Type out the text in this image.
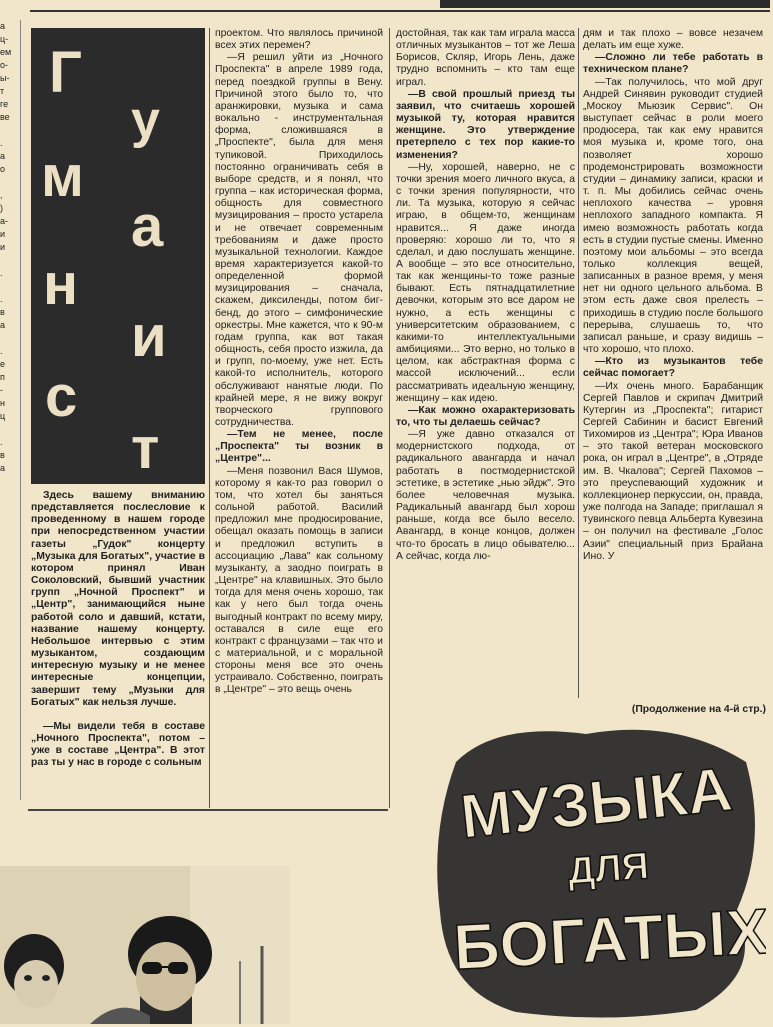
а
ц-
ем
о-
ы-
т
ге
ве

.
а
о

,
)
а-
и
и

.

.
в
а

.
е
п
-
н
ц

.
в
а
Г
у
м
а
н
и
с
т

Здесь вашему вниманию представляется послесловие к проведенному в нашем городе при непосредственном участии газеты „Гудок" концерту „Музыка для Богатых", участие в котором принял Иван Соколовский, бывший участник групп „Ночной Проспект" и „Центр", занимающийся ныне работой соло и давший, кстати, название нашему концерту. Небольшое интервью с этим музыкантом, создающим интересную музыку и не менее интересные концепции, завершит тему „Музыки для Богатых" как нельзя лучше.

—Мы видели тебя в составе „Ночного Проспекта", потом – уже в составе „Центра". В этот раз ты у нас в городе с сольным

проектом. Что являлось причиной всех этих перемен?

—Я решил уйти из „Ночного Проспекта" в апреле 1989 года, перед поездкой группы в Вену. Причиной этого было то, что аранжировки, музыка и сама вокально - инструментальная форма, сложившаяся в „Проспекте", была для меня тупиковой. Приходилось постоянно ограничивать себя в выборе средств, и я понял, что группа – как историческая форма, общность для совместного музицирования – просто устарела и не отвечает современным требованиям и даже просто музыкальной технологии. Каждое время характеризуется какой-то определенной формой музицирования – сначала, скажем, диксиленды, потом биг-бенд, до этого – симфонические оркестры. Мне кажется, что к 90-м годам группа, как вот такая общность, себя просто изжила, да и групп, по-моему, уже нет. Есть какой-то исполнитель, которого обслуживают нанятые люди. По крайней мере, я не вижу вокруг творческого группового сотрудничества.

—Тем не менее, после „Проспекта" ты возник в „Центре"...

—Меня позвонил Вася Шумов, которому я как-то раз говорил о том, что хотел бы заняться сольной работой. Василий предложил мне продюсирование, обещал оказать помощь в записи и предложил вступить в ассоциацию „Лава" как сольному музыканту, а заодно поиграть в „Центре" на клавишных. Это было тогда для меня очень хорошо, так как у него был тогда очень выгодный контракт по всему миру, оставался в силе еще его контракт с французами – так что и с материальной, и с моральной стороны меня все это очень устраивало. Собственно, поиграть в „Центре" – это вещь очень

достойная, так как там играла масса отличных музыкантов – тот же Леша Борисов, Скляр, Игорь Лень, даже трудно вспомнить – кто там еще играл.

—В свой прошлый приезд ты заявил, что считаешь хорошей музыкой ту, которая нравится женщине. Это утверждение претерпело с тех пор какие-то изменения?

—Ну, хорошей, наверно, не с точки зрения моего личного вкуса, а с точки зрения популярности, что ли. Та музыка, которую я сейчас играю, в общем-то, женщинам нравится... Я даже иногда проверяю: хорошо ли то, что я сделал, и даю послушать женщине. А вообще – это все относительно, так как женщины-то тоже разные бывают. Есть пятнадцатилетние девочки, которым это все даром не нужно, а есть женщины с университетским образованием, с какими-то интеллектуальными амбициями... Это верно, но только в целом, как абстрактная форма с массой исключений... если рассматривать идеальную женщину, женщину – как идею.

—Как можно охарактеризовать то, что ты делаешь сейчас?

—Я уже давно отказался от модернистского подхода, от радикального авангарда и начал работать в постмодернистской эстетике, в эстетике „нью эйдж". Это более человечная музыка. Радикальный авангард был хорош раньше, когда все было весело. Авангард, в конце концов, должен что-то бросать в лицо обывателю... А сейчас, когда лю-

дям и так плохо – вовсе незачем делать им еще хуже.

—Сложно ли тебе работать в техническом плане?

—Так получилось, что мой друг Андрей Синявин руководит студией „Москоу Мьюзик Сервис". Он выступает сейчас в роли моего продюсера, так как ему нравится моя музыка и, кроме того, она позволяет хорошо продемонстрировать возможности студии – динамику записи, краски и т. п. Мы добились сейчас очень неплохого качества – уровня неплохого западного компакта. Я имею возможность работать когда есть в студии пустые смены. Именно поэтому мои альбомы – это всегда только коллекция вещей, записанных в разное время, у меня нет ни одного цельного альбома. В этом есть даже своя прелесть – приходишь в студию после большого перерыва, слушаешь то, что записал раньше, и сразу видишь – что хорошо, что плохо.

—Кто из музыкантов тебе сейчас помогает?

—Их очень много. Барабанщик Сергей Павлов и скрипач Дмитрий Кутергин из „Проспекта"; гитарист Сергей Сабинин и басист Евгений Тихомиров из „Центра"; Юра Иванов – это такой ветеран московского рока, он играл в „Центре", в „Отряде им. В. Чкалова"; Сергей Пахомов – это преуспевающий художник и коллекционер перкуссии, он, правда, уже полгода на Западе; приглашал я тувинского певца Альберта Кувезина – он получил на фестивале „Голос Азии" специальный приз Брайана Ино. У

(Продолжение на 4-й стр.)
МУЗЫКА
ДЛЯ
БОГАТЫХ
